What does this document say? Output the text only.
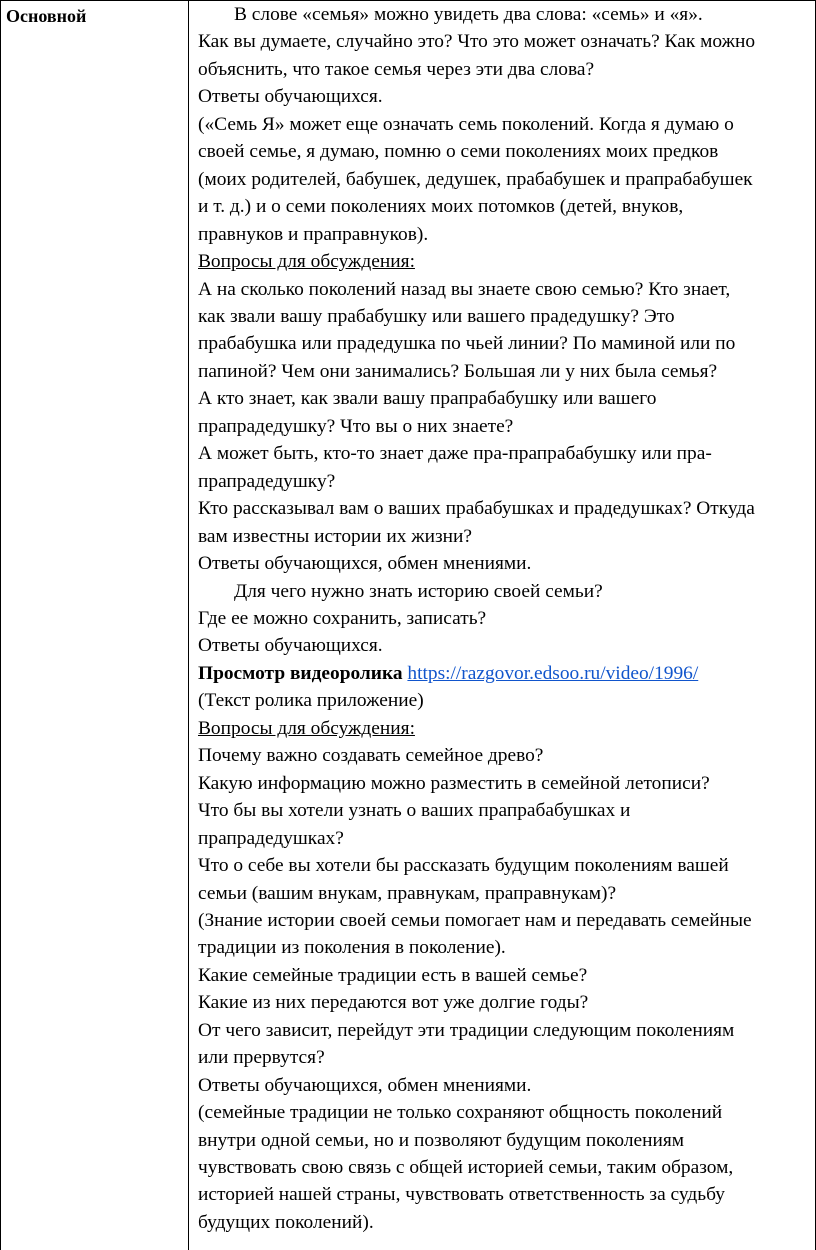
Основной	В слове «семья» можно увидеть два слова: «семь» и «я».
Как вы думаете, случайно это? Что это может означать? Как можно
объяснить, что такое семья через эти два слова?
Ответы обучающихся.
(«Семь Я» может еще означать семь поколений. Когда я думаю о
своей семье, я думаю, помню о семи поколениях моих предков
(моих родителей, бабушек, дедушек, прабабушек и прапрабабушек
и т. д.) и о семи поколениях моих потомков (детей, внуков,
правнуков и праправнуков).
Вопросы для обсуждения:
А на сколько поколений назад вы знаете свою семью? Кто знает,
как звали вашу прабабушку или вашего прадедушку? Это
прабабушка или прадедушка по чьей линии? По маминой или по
папиной? Чем они занимались? Большая ли у них была семья?
А кто знает, как звали вашу прапрабабушку или вашего
прапрадедушку? Что вы о них знаете?
А может быть, кто-то знает даже пра-прапрабабушку или пра-
прапрадедушку?
Кто рассказывал вам о ваших прабабушках и прадедушках? Откуда
вам известны истории их жизни?
Ответы обучающихся, обмен мнениями.
Для чего нужно знать историю своей семьи?
Где ее можно сохранить, записать?
Ответы обучающихся.
Просмотр видеоролика https://razgovor.edsoo.ru/video/1996/
(Текст ролика приложение)
Вопросы для обсуждения:
Почему важно создавать семейное древо?
Какую информацию можно разместить в семейной летописи?
Что бы вы хотели узнать о ваших прапрабабушках и
прапрадедушках?
Что о себе вы хотели бы рассказать будущим поколениям вашей
семьи (вашим внукам, правнукам, праправнукам)?
(Знание истории своей семьи помогает нам и передавать семейные
традиции из поколения в поколение).
Какие семейные традиции есть в вашей семье?
Какие из них передаются вот уже долгие годы?
От чего зависит, перейдут эти традиции следующим поколениям
или прервутся?
Ответы обучающихся, обмен мнениями.
(семейные традиции не только сохраняют общность поколений
внутри одной семьи, но и позволяют будущим поколениям
чувствовать свою связь с общей историей семьи, таким образом,
историей нашей страны, чувствовать ответственность за судьбу
будущих поколений).
